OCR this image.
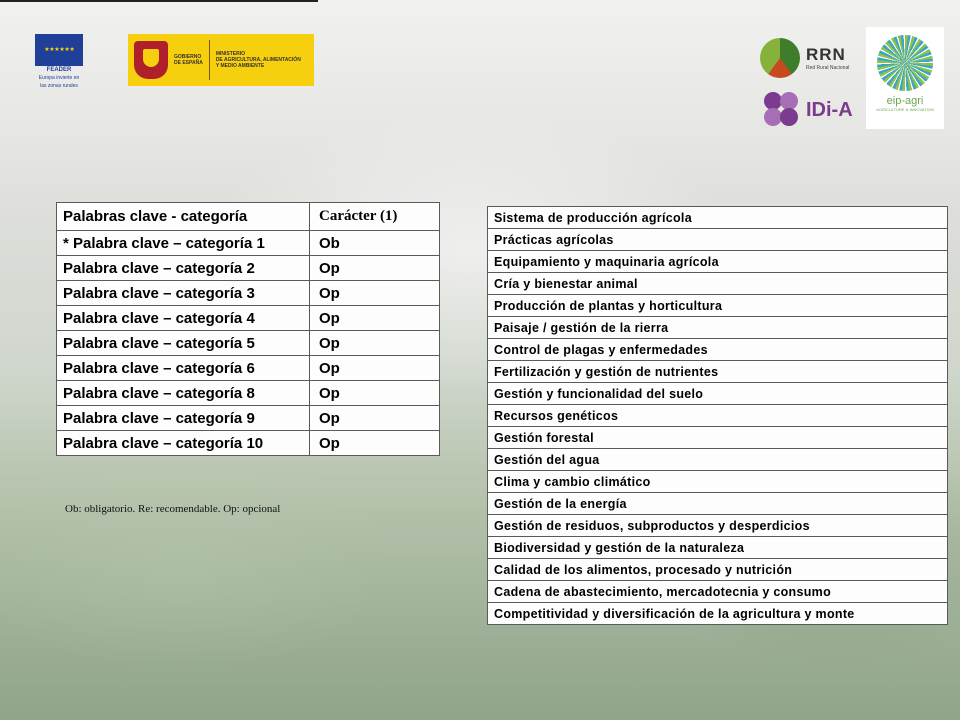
★ ★ ★ ★ ★ ★
FEADER
Europa invierte en
las zonas rurales
GOBIERNO
DE ESPAÑA
MINISTERIO
DE AGRICULTURA, ALIMENTACIÓN
Y MEDIO AMBIENTE
RRN
Red Rural Nacional
IDi-A	eip-agri
AGRICULTURE & INNOVATION
Palabras clave - categoría	Carácter (1)
* Palabra clave – categoría 1	Ob
Palabra clave – categoría 2	Op
Palabra clave – categoría 3	Op
Palabra clave – categoría 4	Op
Palabra clave – categoría 5	Op
Palabra clave – categoría 6	Op
Palabra clave – categoría 8	Op
Palabra clave – categoría 9	Op
Palabra clave – categoría 10	Op
Ob: obligatorio. Re: recomendable. Op: opcional
Sistema de producción agrícola
Prácticas agrícolas
Equipamiento y maquinaria agrícola
Cría y bienestar animal
Producción de plantas y horticultura
Paisaje / gestión de la rierra
Control de plagas y enfermedades
Fertilización y gestión de nutrientes
Gestión y funcionalidad del suelo
Recursos genéticos
Gestión forestal
Gestión del agua
Clima y cambio climático
Gestión de la energía
Gestión de residuos, subproductos y desperdicios
Biodiversidad y gestión de la naturaleza
Calidad de los alimentos, procesado y nutrición
Cadena de abastecimiento, mercadotecnia y consumo
Competitividad y diversificación de la agricultura y monte
